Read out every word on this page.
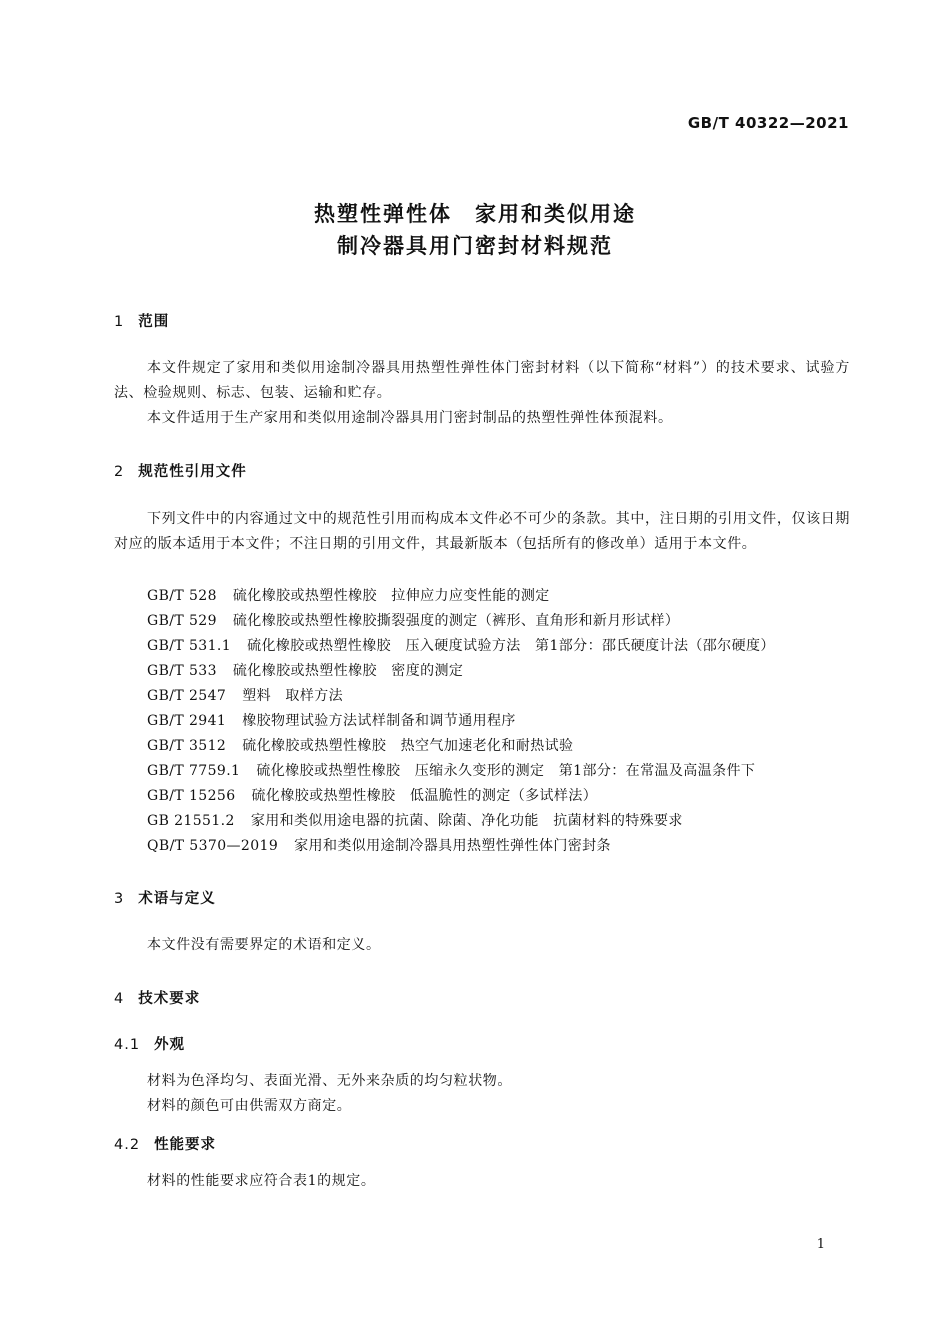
GB/T 40322—2021
热塑性弹性体　家用和类似用途
制冷器具用门密封材料规范
1 范围
本文件规定了家用和类似用途制冷器具用热塑性弹性体门密封材料（以下简称“材料”）的技术要求、试验方法、检验规则、标志、包装、运输和贮存。
本文件适用于生产家用和类似用途制冷器具用门密封制品的热塑性弹性体预混料。
2 规范性引用文件
下列文件中的内容通过文中的规范性引用而构成本文件必不可少的条款。其中，注日期的引用文件，仅该日期对应的版本适用于本文件；不注日期的引用文件，其最新版本（包括所有的修改单）适用于本文件。
GB/T 528 硫化橡胶或热塑性橡胶　拉伸应力应变性能的测定
GB/T 529 硫化橡胶或热塑性橡胶撕裂强度的测定（裤形、直角形和新月形试样）
GB/T 531.1 硫化橡胶或热塑性橡胶　压入硬度试验方法　第1部分：邵氏硬度计法（邵尔硬度）
GB/T 533 硫化橡胶或热塑性橡胶　密度的测定
GB/T 2547 塑料　取样方法
GB/T 2941 橡胶物理试验方法试样制备和调节通用程序
GB/T 3512 硫化橡胶或热塑性橡胶　热空气加速老化和耐热试验
GB/T 7759.1 硫化橡胶或热塑性橡胶　压缩永久变形的测定　第1部分：在常温及高温条件下
GB/T 15256 硫化橡胶或热塑性橡胶　低温脆性的测定（多试样法）
GB 21551.2 家用和类似用途电器的抗菌、除菌、净化功能　抗菌材料的特殊要求
QB/T 5370—2019 家用和类似用途制冷器具用热塑性弹性体门密封条
3 术语与定义
本文件没有需要界定的术语和定义。
4 技术要求
4.1 外观
材料为色泽均匀、表面光滑、无外来杂质的均匀粒状物。
材料的颜色可由供需双方商定。
4.2 性能要求
材料的性能要求应符合表1的规定。
1
